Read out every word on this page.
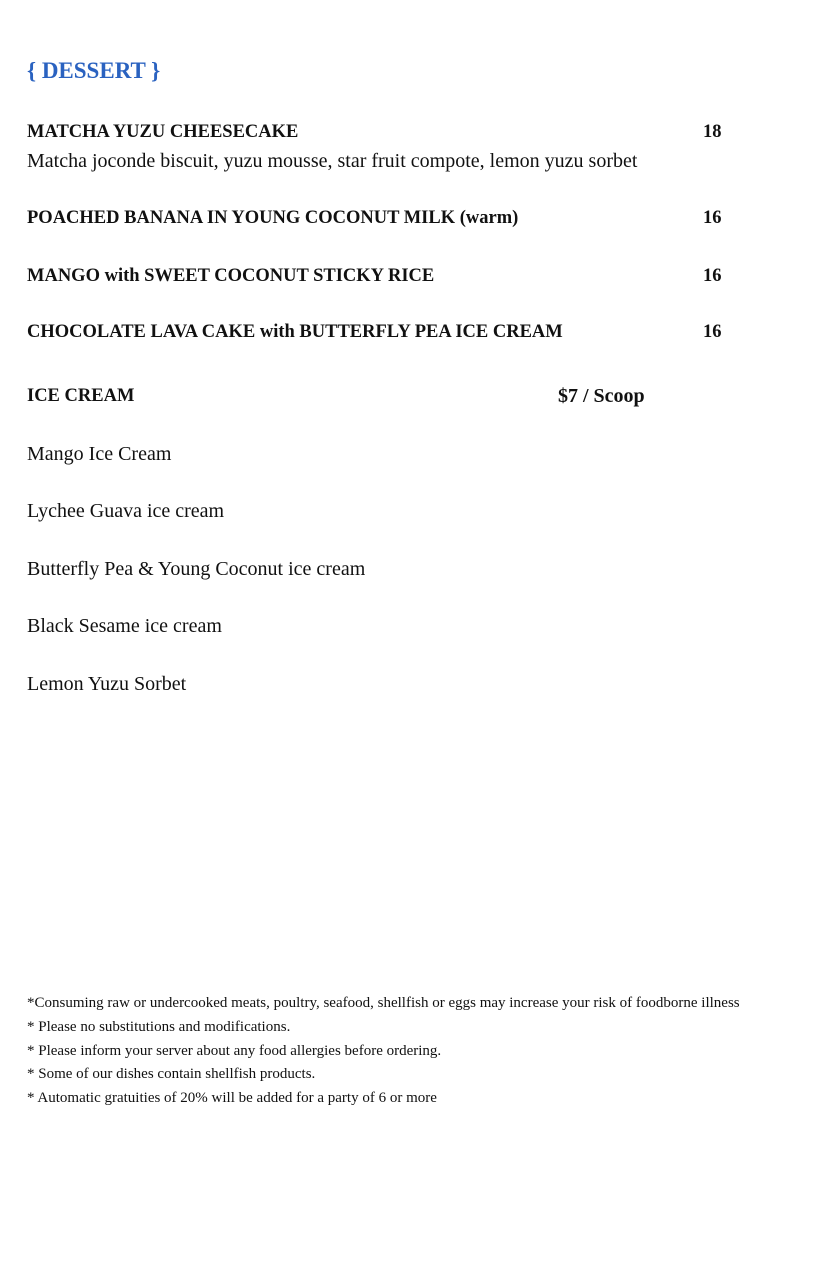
{ DESSERT }
MATCHA YUZU CHEESECAKE	18
Matcha joconde biscuit, yuzu mousse, star fruit compote, lemon yuzu sorbet
POACHED BANANA IN YOUNG COCONUT MILK (warm)	16
MANGO with SWEET COCONUT STICKY RICE	16
CHOCOLATE LAVA CAKE with BUTTERFLY PEA ICE CREAM	16
ICE CREAM	$7 / Scoop
Mango Ice Cream
Lychee Guava ice cream
Butterfly Pea & Young Coconut ice cream
Black Sesame ice cream
Lemon Yuzu Sorbet
*Consuming raw or undercooked meats, poultry, seafood, shellfish or eggs may increase your risk of foodborne illness
* Please no substitutions and modifications.
* Please inform your server about any food allergies before ordering.
* Some of our dishes contain shellfish products.
* Automatic gratuities of 20% will be added for a party of 6 or more
